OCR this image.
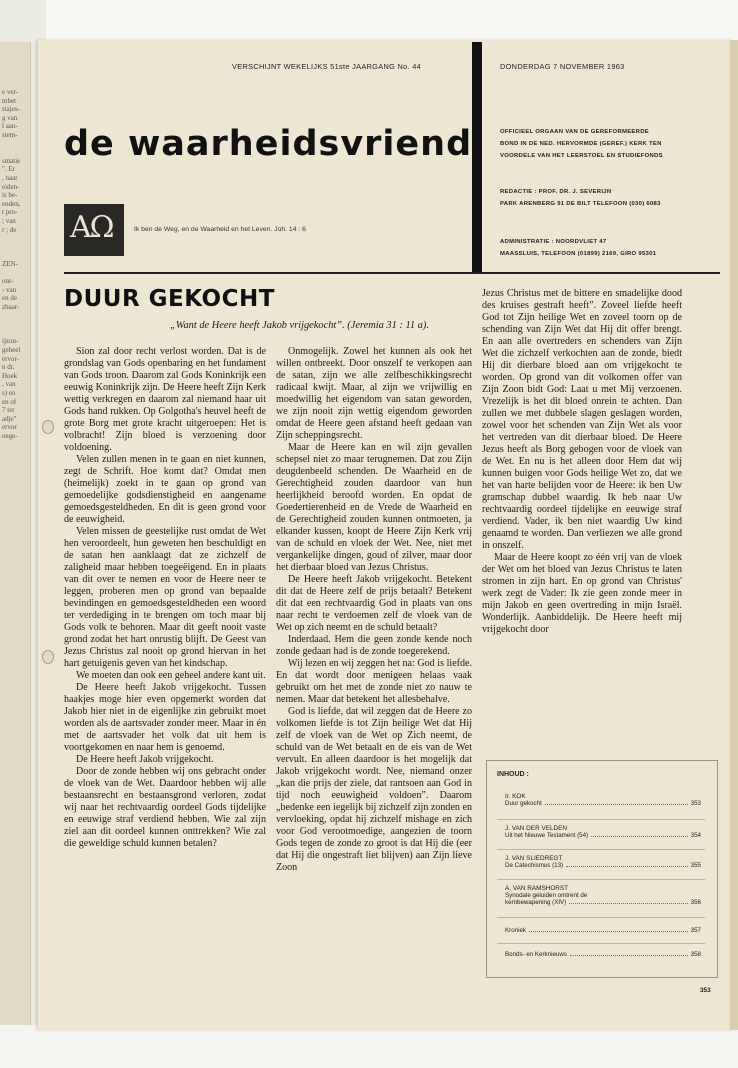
e ver-
mber
stajes-
g van
l aan-
stem-
smatie
". Er
, naar
eiden-
is be-
enden,
t pro-
; van
r ; de
ZEN-
ont-
- van
en de
zbaar-
ijzon-
geheel
ervor-
n dr.
Hoek
, van
s) en
en of
7 ter
adje"
ervor
oege-
VERSCHIJNT WEKELIJKS 51ste JAARGANG No. 44	DONDERDAG 7 NOVEMBER 1963
de waarheidsvriend
ΑΩ	Ik ben de Weg, en de Waarheid en het Leven. Joh. 14 : 6
OFFICIEEL ORGAAN VAN DE GEREFORMEERDE
BOND IN DE NED. HERVORMDE (GEREF.) KERK TEN
VOORDELE VAN HET LEERSTOEL EN STUDIEFONDS
REDACTIE : PROF. DR. J. SEVERIJN
PARK ARENBERG 91 DE BILT TELEFOON (030) 6083
ADMINISTRATIE : NOORDVLIET 47
MAASSLUIS, TELEFOON (01899) 2169, GIRO 95301
DUUR GEKOCHT
„Want de Heere heeft Jakob vrijgekocht”. (Jeremia 31 : 11 a).

Sion zal door recht verlost worden. Dat is de grondslag van Gods openbaring en het fundament van Gods troon. Daarom zal Gods Koninkrijk een eeuwig Koninkrijk zijn. De Heere heeft Zijn Kerk wettig verkregen en daarom zal niemand haar uit Gods hand rukken. Op Golgotha's heuvel heeft de grote Borg met grote kracht uitgeroepen: Het is volbracht! Zijn bloed is verzoening door voldoening.

Velen zullen menen in te gaan en niet kunnen, zegt de Schrift. Hoe komt dat? Omdat men (heimelijk) zoekt in te gaan op grond van gemoedelijke godsdienstigheid en aangename gemoedsgesteldheden. En dit is geen grond voor de eeuwigheid.

Velen missen de geestelijke rust omdat de Wet hen veroordeelt, hun geweten hen beschuldigt en de satan hen aanklaagt dat ze zichzelf de zaligheid maar hebben toegeëigend. En in plaats van dit over te nemen en voor de Heere neer te leggen, proberen men op grond van bepaalde bevindingen en gemoedsgesteldheden een woord ter verdediging in te brengen om toch maar bij Gods volk te behoren. Maar dit geeft nooit vaste grond zodat het hart onrustig blijft. De Geest van Jezus Christus zal nooit op grond hiervan in het hart getuigenis geven van het kindschap.

We moeten dan ook een geheel andere kant uit.

De Heere heeft Jakob vrijgekocht. Tussen haakjes moge hier even opgemerkt worden dat Jakob hier niet in de eigenlijke zin gebruikt moet worden als de aartsvader zonder meer. Maar in én met de aartsvader het volk dat uit hem is voortgekomen en naar hem is genoemd.

De Heere heeft Jakob vrijgekocht.

Door de zonde hebben wij ons gebracht onder de vloek van de Wet. Daardoor hebben wij alle bestaansrecht en bestaansgrond verloren, zodat wij naar het rechtvaardig oordeel Gods tijdelijke en eeuwige straf verdiend hebben. Wie zal zijn ziel aan dit oordeel kunnen onttrekken? Wie zal die geweldige schuld kunnen betalen?

Onmogelijk. Zowel het kunnen als ook het willen ontbreekt. Door onszelf te verkopen aan de satan, zijn we alle zelfbeschikkingsrecht radicaal kwijt. Maar, al zijn we vrijwillig en moedwillig het eigendom van satan geworden, we zijn nooit zijn wettig eigendom geworden omdat de Heere geen afstand heeft gedaan van Zijn scheppingsrecht.

Maar de Heere kan en wil zijn gevallen schepsel niet zo maar terugnemen. Dat zou Zijn deugdenbeeld schenden. De Waarheid en de Gerechtigheid zouden daardoor van hun heerlijkheid beroofd worden. En opdat de Goedertierenheid en de Vrede de Waarheid en de Gerechtigheid zouden kunnen ontmoeten, ja elkander kussen, koopt de Heere Zijn Kerk vrij van de schuld en vloek der Wet. Nee, niet met vergankelijke dingen, goud of zilver, maar door het dierbaar bloed van Jezus Christus.

De Heere heeft Jakob vrijgekocht. Betekent dit dat de Heere zelf de prijs betaalt? Betekent dit dat een rechtvaardig God in plaats van ons naar recht te verdoemen zelf de vloek van de Wet op zich neemt en de schuld betaalt?

Inderdaad. Hem die geen zonde kende noch zonde gedaan had is de zonde toegerekend.

Wij lezen en wij zeggen het na: God is liefde. En dat wordt door menigeen helaas vaak gebruikt om het met de zonde niet zo nauw te nemen. Maar dat betekent het allesbehalve.

God is liefde, dat wil zeggen dat de Heere zo volkomen liefde is tot Zijn heilige Wet dat Hij zelf de vloek van de Wet op Zich neemt, de schuld van de Wet betaalt en de eis van de Wet vervult. En alleen daardoor is het mogelijk dat Jakob vrijgekocht wordt. Nee, niemand onzer „kan die prijs der ziele, dat rantsoen aan God in tijd noch eeuwigheid voldoen”. Daarom „bedenke een iegelijk bij zichzelf zijn zonden en vervloeking, opdat hij zichzelf mishage en zich voor God verootmoedige, aangezien de toorn Gods tegen de zonde zo groot is dat Hij die (eer dat Hij die ongestraft liet blijven) aan Zijn lieve Zoon

Jezus Christus met de bittere en smadelijke dood des kruises gestraft heeft”. Zoveel liefde heeft God tot Zijn heilige Wet en zoveel toorn op de schending van Zijn Wet dat Hij dit offer brengt. En aan alle overtreders en schenders van Zijn Wet die zichzelf verkochten aan de zonde, biedt Hij dit dierbare bloed aan om vrijgekocht te worden. Op grond van dit volkomen offer van Zijn Zoon bidt God: Laat u met Mij verzoenen. Vrezelijk is het dit bloed onrein te achten. Dan zullen we met dubbele slagen geslagen worden, zowel voor het schenden van Zijn Wet als voor het vertreden van dit dierbaar bloed. De Heere Jezus heeft als Borg gebogen voor de vloek van de Wet. En nu is het alleen door Hem dat wij kunnen buigen voor Gods heilige Wet zo, dat we het van harte belijden voor de Heere: ik ben Uw gramschap dubbel waardig. Ik heb naar Uw rechtvaardig oordeel tijdelijke en eeuwige straf verdiend. Vader, ik ben niet waardig Uw kind genaamd te worden. Dan verliezen we alle grond in onszelf.

Maar de Heere koopt zo één vrij van de vloek der Wet om het bloed van Jezus Christus te laten stromen in zijn hart. En op grond van Christus' werk zegt de Vader: Ik zie geen zonde meer in mijn Jakob en geen overtreding in mijn Israël. Wonderlijk. Aanbiddelijk. De Heere heeft mij vrijgekocht door

INHOUD :
Ir. KOK
Duur gekocht	353
J. VAN DER VELDEN
Uit het Nieuwe Testament (54)	354
J. VAN SLIEDREGT
De Catechismus (13)	355
A. VAN RAMSHORST
Synodale geluiden omtrent de
kernbewapening (XIV)	356
Kroniek	357
Bonds- en Kerknieuws	358
353
